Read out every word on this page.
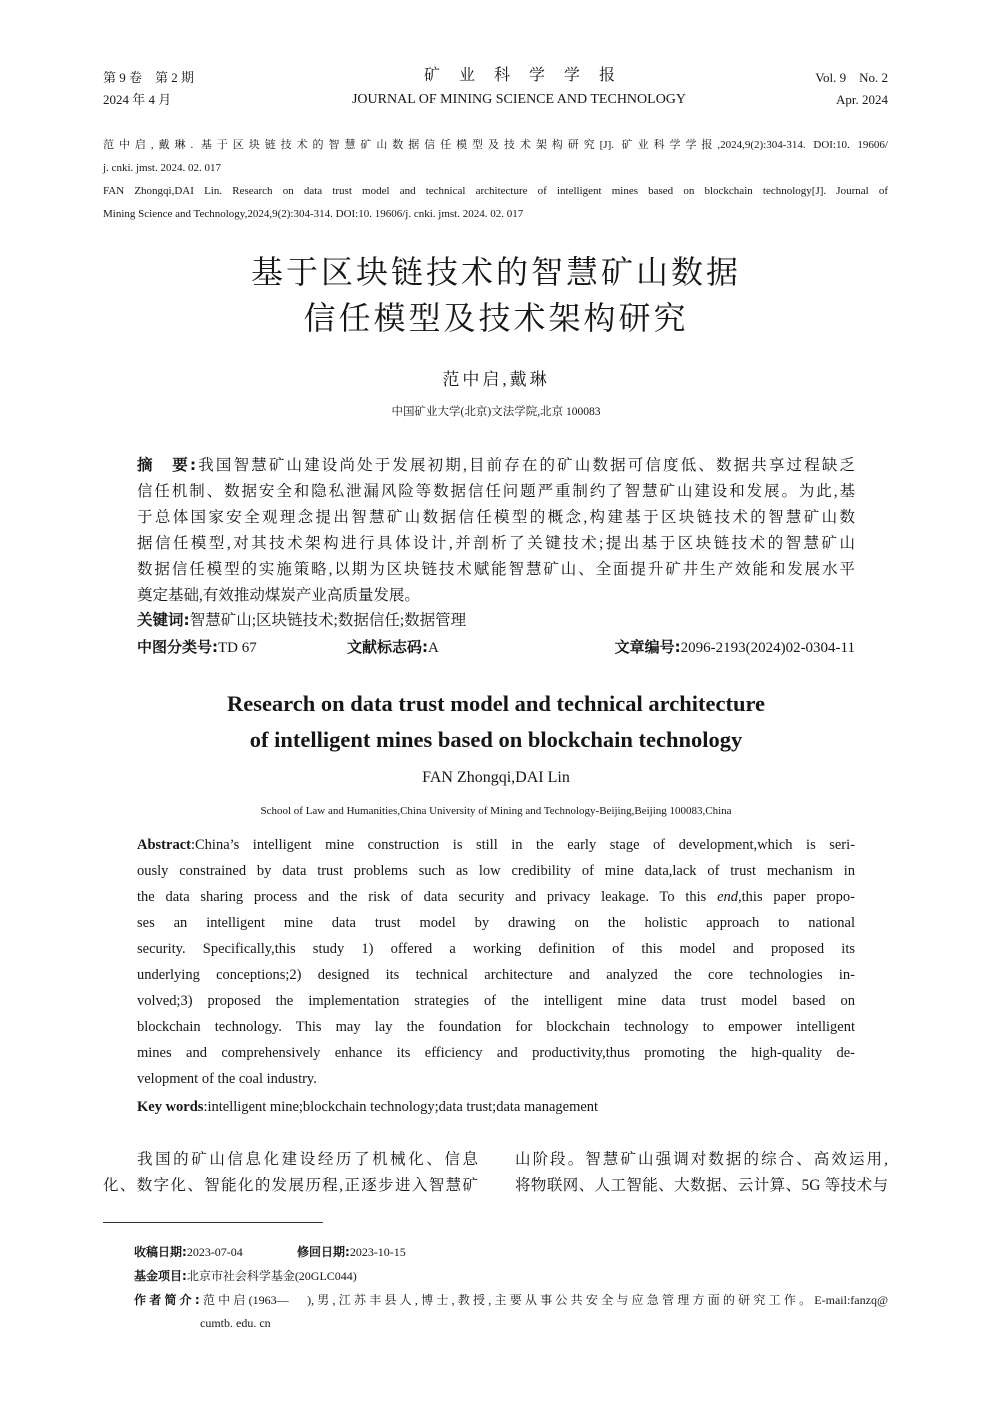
第 9 卷　第 2 期
2024 年 4 月
矿业科学学报
JOURNAL OF MINING SCIENCE AND TECHNOLOGY
Vol. 9　No. 2
Apr. 2024
范中启,戴琳. 基于区块链技术的智慧矿山数据信任模型及技术架构研究[J]. 矿业科学学报,2024,9(2):304-314. DOI:10. 19606/
j. cnki. jmst. 2024. 02. 017
FAN Zhongqi,DAI Lin. Research on data trust model and technical architecture of intelligent mines based on blockchain technology[J]. Journal of
Mining Science and Technology,2024,9(2):304-314. DOI:10. 19606/j. cnki. jmst. 2024. 02. 017
基于区块链技术的智慧矿山数据
信任模型及技术架构研究
范中启,戴琳
中国矿业大学(北京)文法学院,北京 100083
摘　要:我国智慧矿山建设尚处于发展初期,目前存在的矿山数据可信度低、数据共享过程缺乏
信任机制、数据安全和隐私泄漏风险等数据信任问题严重制约了智慧矿山建设和发展。为此,基
于总体国家安全观理念提出智慧矿山数据信任模型的概念,构建基于区块链技术的智慧矿山数
据信任模型,对其技术架构进行具体设计,并剖析了关键技术;提出基于区块链技术的智慧矿山
数据信任模型的实施策略,以期为区块链技术赋能智慧矿山、全面提升矿井生产效能和发展水平
奠定基础,有效推动煤炭产业高质量发展。
关键词:智慧矿山;区块链技术;数据信任;数据管理
中图分类号:TD 67	文献标志码:A	文章编号:2096-2193(2024)02-0304-11
Research on data trust model and technical architecture
of intelligent mines based on blockchain technology
FAN Zhongqi,DAI Lin
School of Law and Humanities,China University of Mining and Technology-Beijing,Beijing 100083,China
Abstract:China’s intelligent mine construction is still in the early stage of development,which is seri-
ously constrained by data trust problems such as low credibility of mine data,lack of trust mechanism in
the data sharing process and the risk of data security and privacy leakage. To this end,this paper propo-
ses an intelligent mine data trust model by drawing on the holistic approach to national
security. Specifically,this study 1) offered a working definition of this model and proposed its
underlying conceptions;2) designed its technical architecture and analyzed the core technologies in-
volved;3) proposed the implementation strategies of the intelligent mine data trust model based on
blockchain technology. This may lay the foundation for blockchain technology to empower intelligent
mines and comprehensively enhance its efficiency and productivity,thus promoting the high-quality de-
velopment of the coal industry.
Key words:intelligent mine;blockchain technology;data trust;data management
我国的矿山信息化建设经历了机械化、信息
化、数字化、智能化的发展历程,正逐步进入智慧矿
山阶段。智慧矿山强调对数据的综合、高效运用,
将物联网、人工智能、大数据、云计算、5G 等技术与
收稿日期:2023-07-04	修回日期:2023-10-15
基金项目:北京市社会科学基金(20GLC044)
作者简介:范中启(1963—　),男,江苏丰县人,博士,教授,主要从事公共安全与应急管理方面的研究工作。E-mail:fanzq@
cumtb. edu. cn
